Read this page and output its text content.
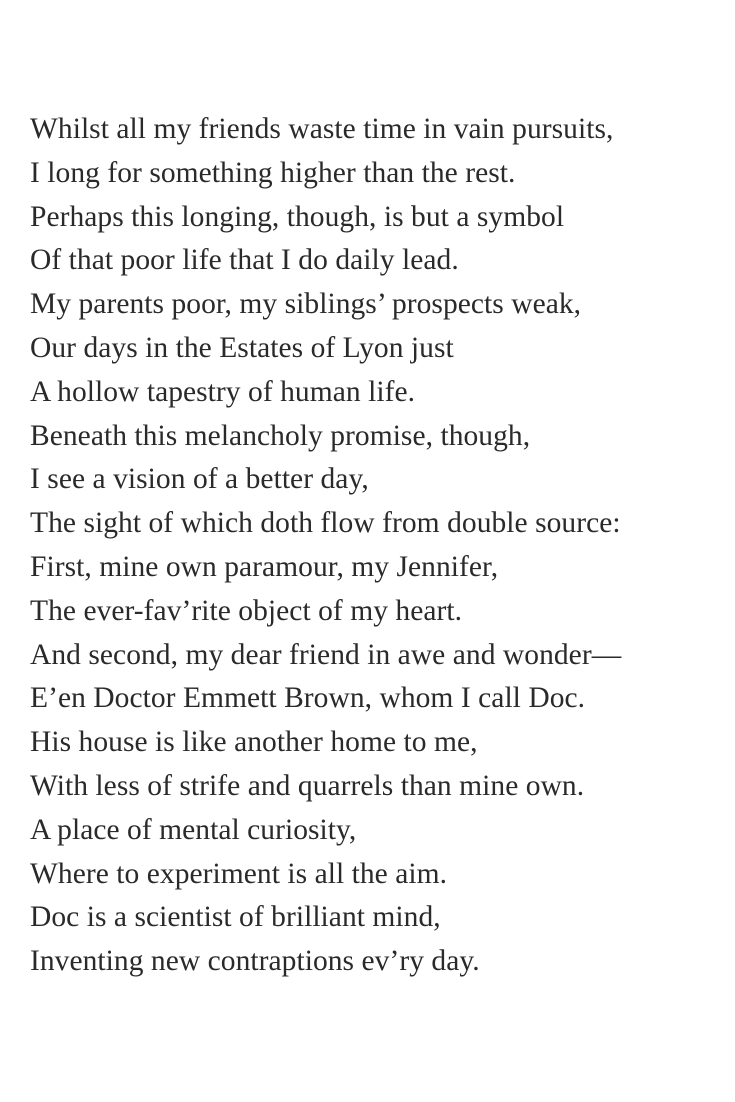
Whilst all my friends waste time in vain pursuits,
I long for something higher than the rest.
Perhaps this longing, though, is but a symbol
Of that poor life that I do daily lead.
My parents poor, my siblings’ prospects weak,
Our days in the Estates of Lyon just
A hollow tapestry of human life.
Beneath this melancholy promise, though,
I see a vision of a better day,
The sight of which doth flow from double source:
First, mine own paramour, my Jennifer,
The ever-fav’rite object of my heart.
And second, my dear friend in awe and wonder—
E’en Doctor Emmett Brown, whom I call Doc.
His house is like another home to me,
With less of strife and quarrels than mine own.
A place of mental curiosity,
Where to experiment is all the aim.
Doc is a scientist of brilliant mind,
Inventing new contraptions ev’ry day.
